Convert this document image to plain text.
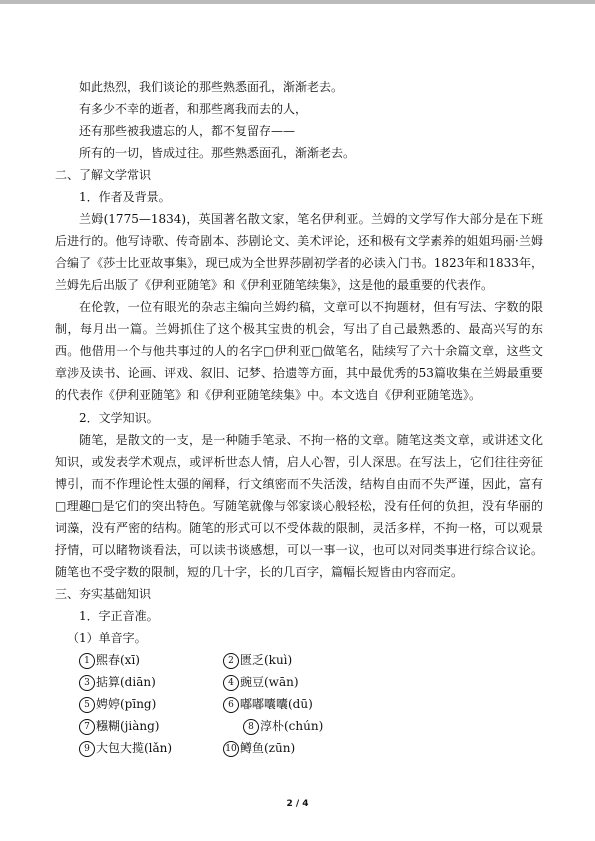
如此热烈，我们谈论的那些熟悉面孔，渐渐老去。
有多少不幸的逝者，和那些离我而去的人，
还有那些被我遗忘的人，都不复留存——
所有的一切，皆成过往。那些熟悉面孔，渐渐老去。
二、了解文学常识
1．作者及背景。
兰姆(1775—1834)，英国著名散文家，笔名伊利亚。兰姆的文学写作大部分是在下班后进行的。他写诗歌、传奇剧本、莎剧论文、美术评论，还和极有文学素养的姐姐玛丽·兰姆合编了《莎士比亚故事集》，现已成为全世界莎剧初学者的必读入门书。1823年和1833年，兰姆先后出版了《伊利亚随笔》和《伊利亚随笔续集》，这是他的最重要的代表作。
在伦敦，一位有眼光的杂志主编向兰姆约稿，文章可以不拘题材，但有写法、字数的限制，每月出一篇。兰姆抓住了这个极其宝贵的机会，写出了自己最熟悉的、最高兴写的东西。他借用一个与他共事过的人的名字□伊利亚□做笔名，陆续写了六十余篇文章，这些文章涉及读书、论画、评戏、叙旧、记梦、拾遗等方面，其中最优秀的53篇收集在兰姆最重要的代表作《伊利亚随笔》和《伊利亚随笔续集》中。本文选自《伊利亚随笔选》。
2．文学知识。
随笔，是散文的一支，是一种随手笔录、不拘一格的文章。随笔这类文章，或讲述文化知识，或发表学术观点，或评析世态人情，启人心智，引人深思。在写法上，它们往往旁征博引，而不作理论性太强的阐释，行文缜密而不失活泼，结构自由而不失严谨，因此，富有□理趣□是它们的突出特色。写随笔就像与邻家谈心般轻松，没有任何的负担，没有华丽的词藻，没有严密的结构。随笔的形式可以不受体裁的限制，灵活多样，不拘一格，可以观景抒情，可以睹物谈看法，可以读书谈感想，可以一事一议，也可以对同类事进行综合议论。随笔也不受字数的限制，短的几十字，长的几百字，篇幅长短皆由内容而定。
三、夯实基础知识
1．字正音准。
（1）单音字。
1 熙春(xī)	2 匮乏(kuì)
3 掂算(diān)	4 豌豆(wān)
5 娉婷(pīng)	6 嘟嘟囔囔(dū)
7 糨糊(jiàng)	8 淳朴(chún)
9 大包大揽(lǎn)	10 鳟鱼(zūn)
2 / 4
